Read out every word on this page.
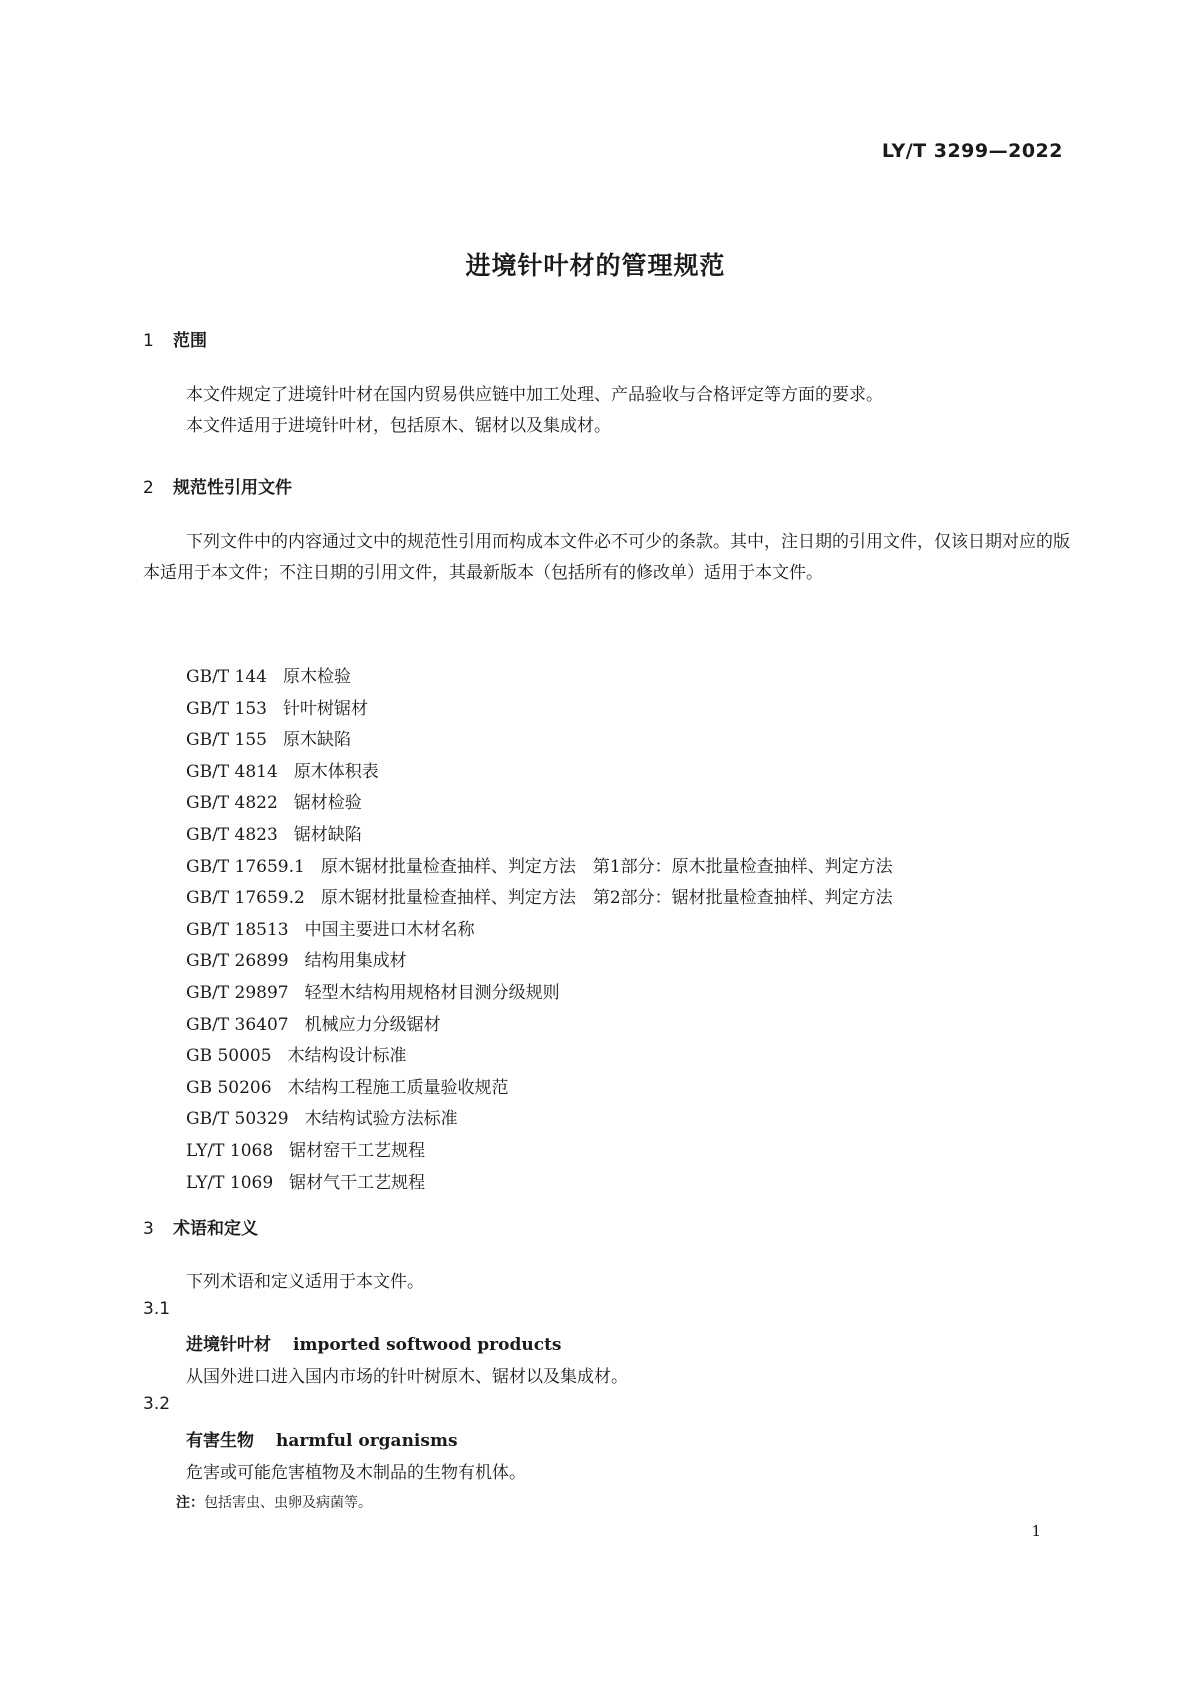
LY/T 3299—2022
进境针叶材的管理规范
1 范围
本文件规定了进境针叶材在国内贸易供应链中加工处理、产品验收与合格评定等方面的要求。
本文件适用于进境针叶材，包括原木、锯材以及集成材。
2 规范性引用文件

下列文件中的内容通过文中的规范性引用而构成本文件必不可少的条款。其中，注日期的引用文件，仅该日期对应的版本适用于本文件；不注日期的引用文件，其最新版本（包括所有的修改单）适用于本文件。

GB/T 144 原木检验
GB/T 153 针叶树锯材
GB/T 155 原木缺陷
GB/T 4814 原木体积表
GB/T 4822 锯材检验
GB/T 4823 锯材缺陷
GB/T 17659.1 原木锯材批量检查抽样、判定方法　第1部分：原木批量检查抽样、判定方法
GB/T 17659.2 原木锯材批量检查抽样、判定方法　第2部分：锯材批量检查抽样、判定方法
GB/T 18513 中国主要进口木材名称
GB/T 26899 结构用集成材
GB/T 29897 轻型木结构用规格材目测分级规则
GB/T 36407 机械应力分级锯材
GB 50005 木结构设计标准
GB 50206 木结构工程施工质量验收规范
GB/T 50329 木结构试验方法标准
LY/T 1068 锯材窑干工艺规程
LY/T 1069 锯材气干工艺规程
3 术语和定义
下列术语和定义适用于本文件。
3.1
进境针叶材 imported softwood products
从国外进口进入国内市场的针叶树原木、锯材以及集成材。
3.2
有害生物 harmful organisms
危害或可能危害植物及木制品的生物有机体。
注：包括害虫、虫卵及病菌等。
1
